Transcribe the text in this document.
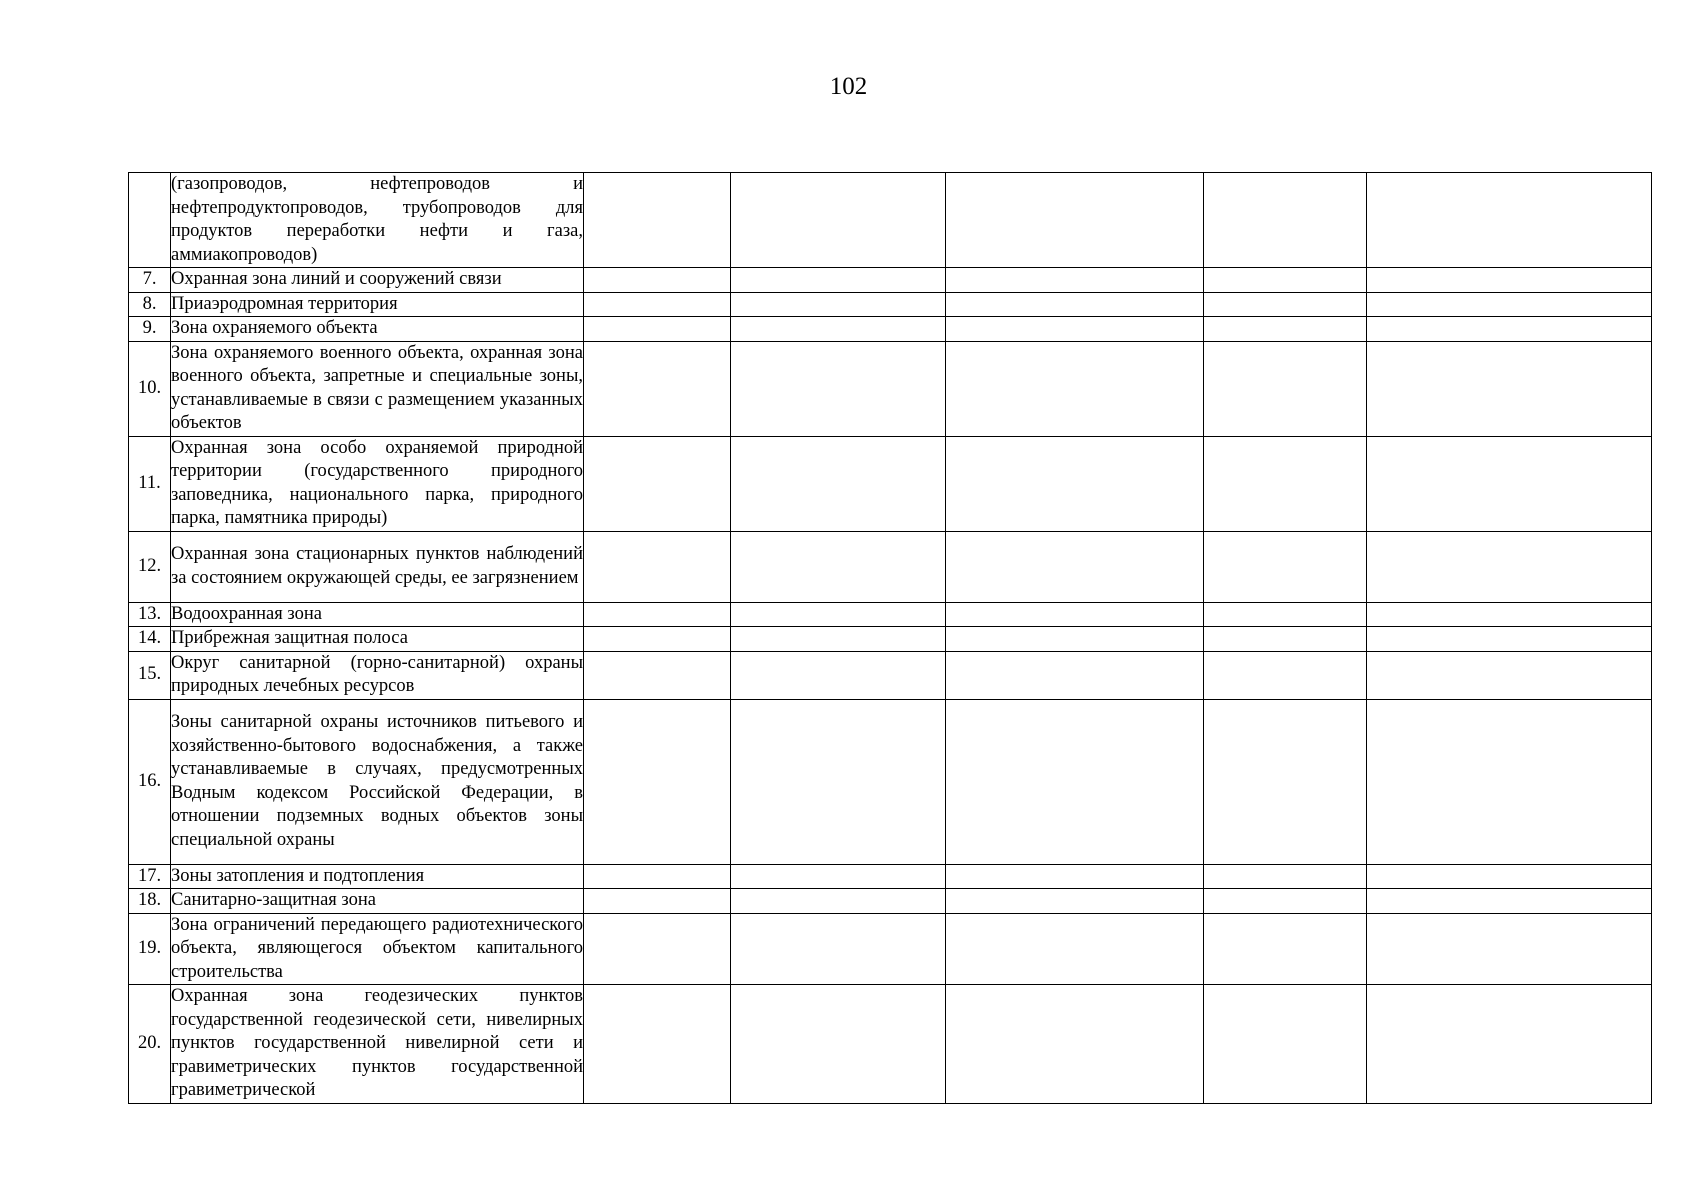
102
	(газопроводов, нефтепроводов и нефтепродуктопроводов, трубопроводов для продуктов переработки нефти и газа, аммиакопроводов)					
7.	Охранная зона линий и сооружений связи					
8.	Приаэродромная территория					
9.	Зона охраняемого объекта					
10.	Зона охраняемого военного объекта, охранная зона военного объекта, запретные и специальные зоны, устанавливаемые в связи с размещением указанных объектов					
11.	Охранная зона особо охраняемой природной территории (государственного природного заповедника, национального парка, природного парка, памятника природы)					
12.	Охранная зона стационарных пунктов наблюдений за состоянием окружающей среды, ее загрязнением					
13.	Водоохранная зона					
14.	Прибрежная защитная полоса					
15.	Округ санитарной (горно-санитарной) охраны природных лечебных ресурсов					
16.	Зоны санитарной охраны источников питьевого и хозяйственно-бытового водоснабжения, а также устанавливаемые в случаях, предусмотренных Водным кодексом Российской Федерации, в отношении подземных водных объектов зоны специальной охраны					
17.	Зоны затопления и подтопления					
18.	Санитарно-защитная зона					
19.	Зона ограничений передающего радиотехнического объекта, являющегося объектом капитального строительства					
20.	Охранная зона геодезических пунктов государственной геодезической сети, нивелирных пунктов государственной нивелирной сети и гравиметрических пунктов государственной гравиметрической					
